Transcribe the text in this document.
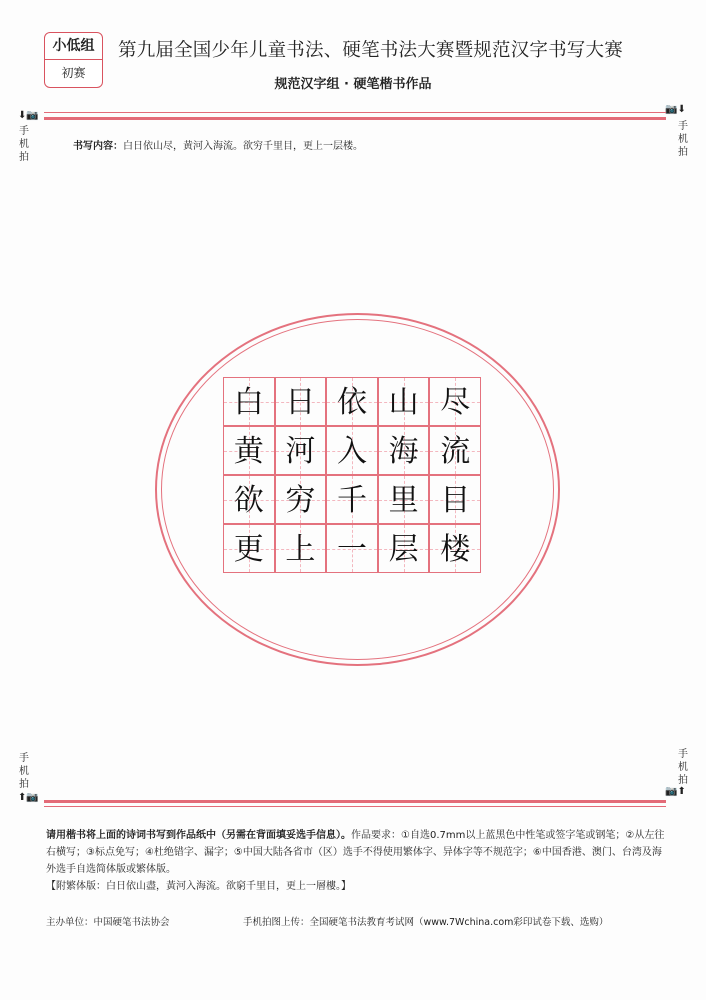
小低组
初赛
第九届全国少年儿童书法、硬笔书法大赛暨规范汉字书写大赛
规范汉字组 · 硬笔楷书作品
⬇📷
手
机
拍
📷⬇
手
机
拍
手
机
拍
⬆📷
手
机
拍
📷⬆
书写内容：白日依山尽，黄河入海流。欲穷千里目，更上一层楼。
白 日 依 山 尽
黄 河 入 海 流
欲 穷 千 里 目
更 上 一 层 楼
请用楷书将上面的诗词书写到作品纸中（另需在背面填妥选手信息）。作品要求：①自选0.7mm以上蓝黑色中性笔或签字笔或钢笔；②从左往右横写；③标点免写；④杜绝错字、漏字；⑤中国大陆各省市（区）选手不得使用繁体字、异体字等不规范字；⑥中国香港、澳门、台湾及海外选手自选简体版或繁体版。
【附繁体版：白日依山盡，黃河入海流。欲窮千里目，更上一層樓。】
主办单位：中国硬笔书法协会	手机拍图上传：全国硬笔书法教育考试网（www.7Wchina.com彩印试卷下载、选购）
